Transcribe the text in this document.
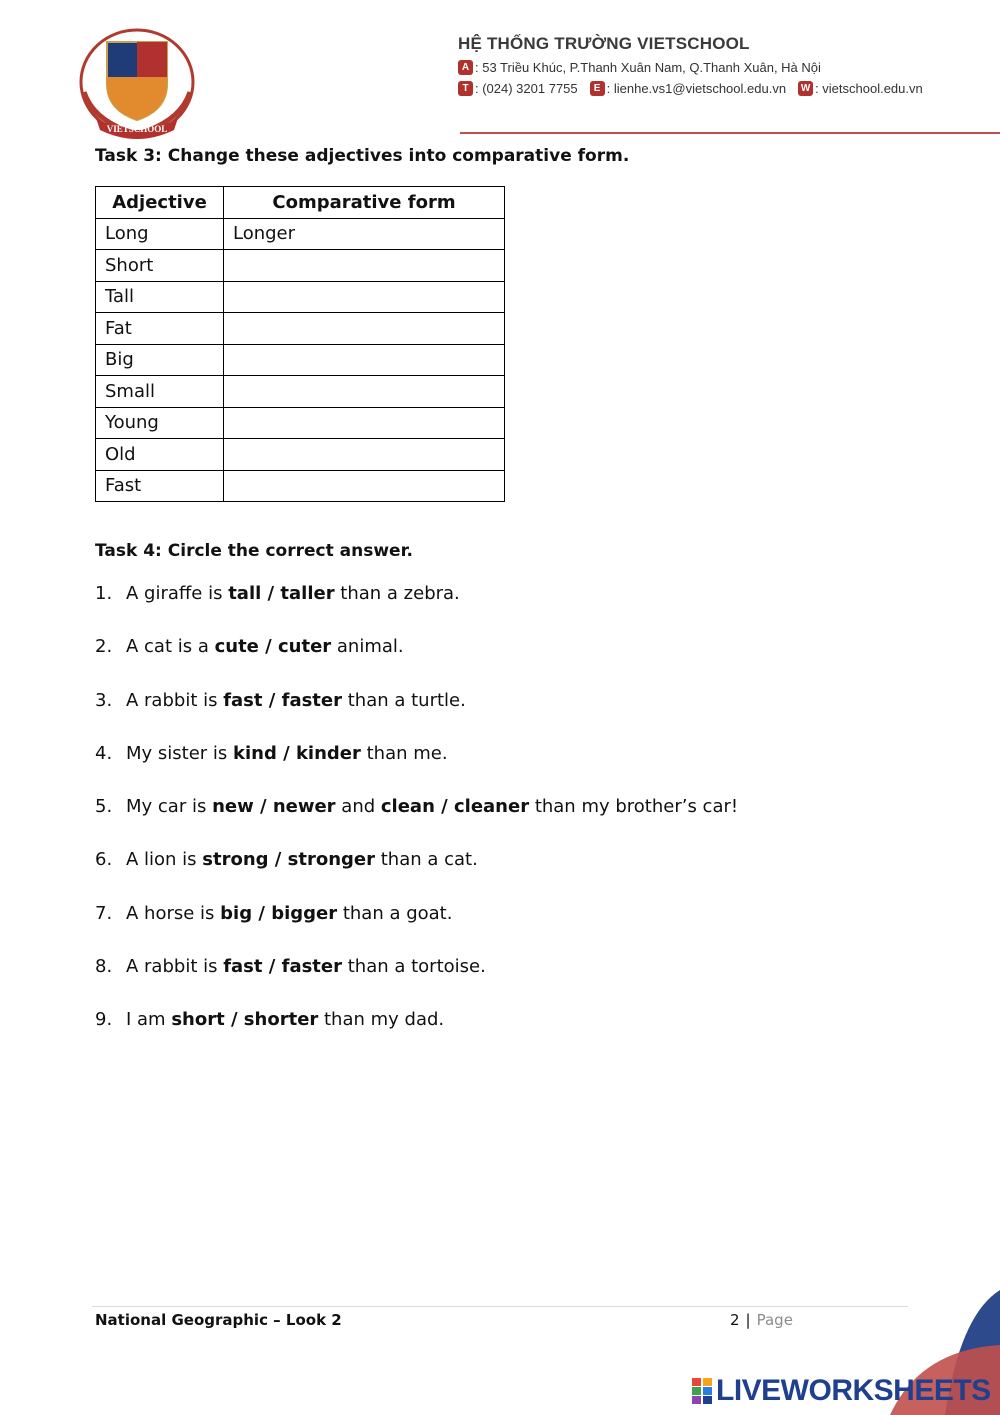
VIETSCHOOL
HỆ THỐNG TRƯỜNG VIETSCHOOL
A : 53 Triều Khúc, P.Thanh Xuân Nam, Q.Thanh Xuân, Hà Nội
T : (024) 3201 7755	E : lienhe.vs1@vietschool.edu.vn W : vietschool.edu.vn
Task 3: Change these adjectives into comparative form.
Adjective	Comparative form
Long	Longer
Short	
Tall	
Fat	
Big	
Small	
Young	
Old	
Fast	
Task 4: Circle the correct answer.
1. A giraffe is tall / taller than a zebra.
2. A cat is a cute / cuter animal.
3. A rabbit is fast / faster than a turtle.
4. My sister is kind / kinder than me.
5. My car is new / newer and clean / cleaner than my brother’s car!
6. A lion is strong / stronger than a cat.
7. A horse is big / bigger than a goat.
8. A rabbit is fast / faster than a tortoise.
9. I am short / shorter than my dad.
National Geographic – Look 2	2 | Page
LIVEWORKSHEETS
